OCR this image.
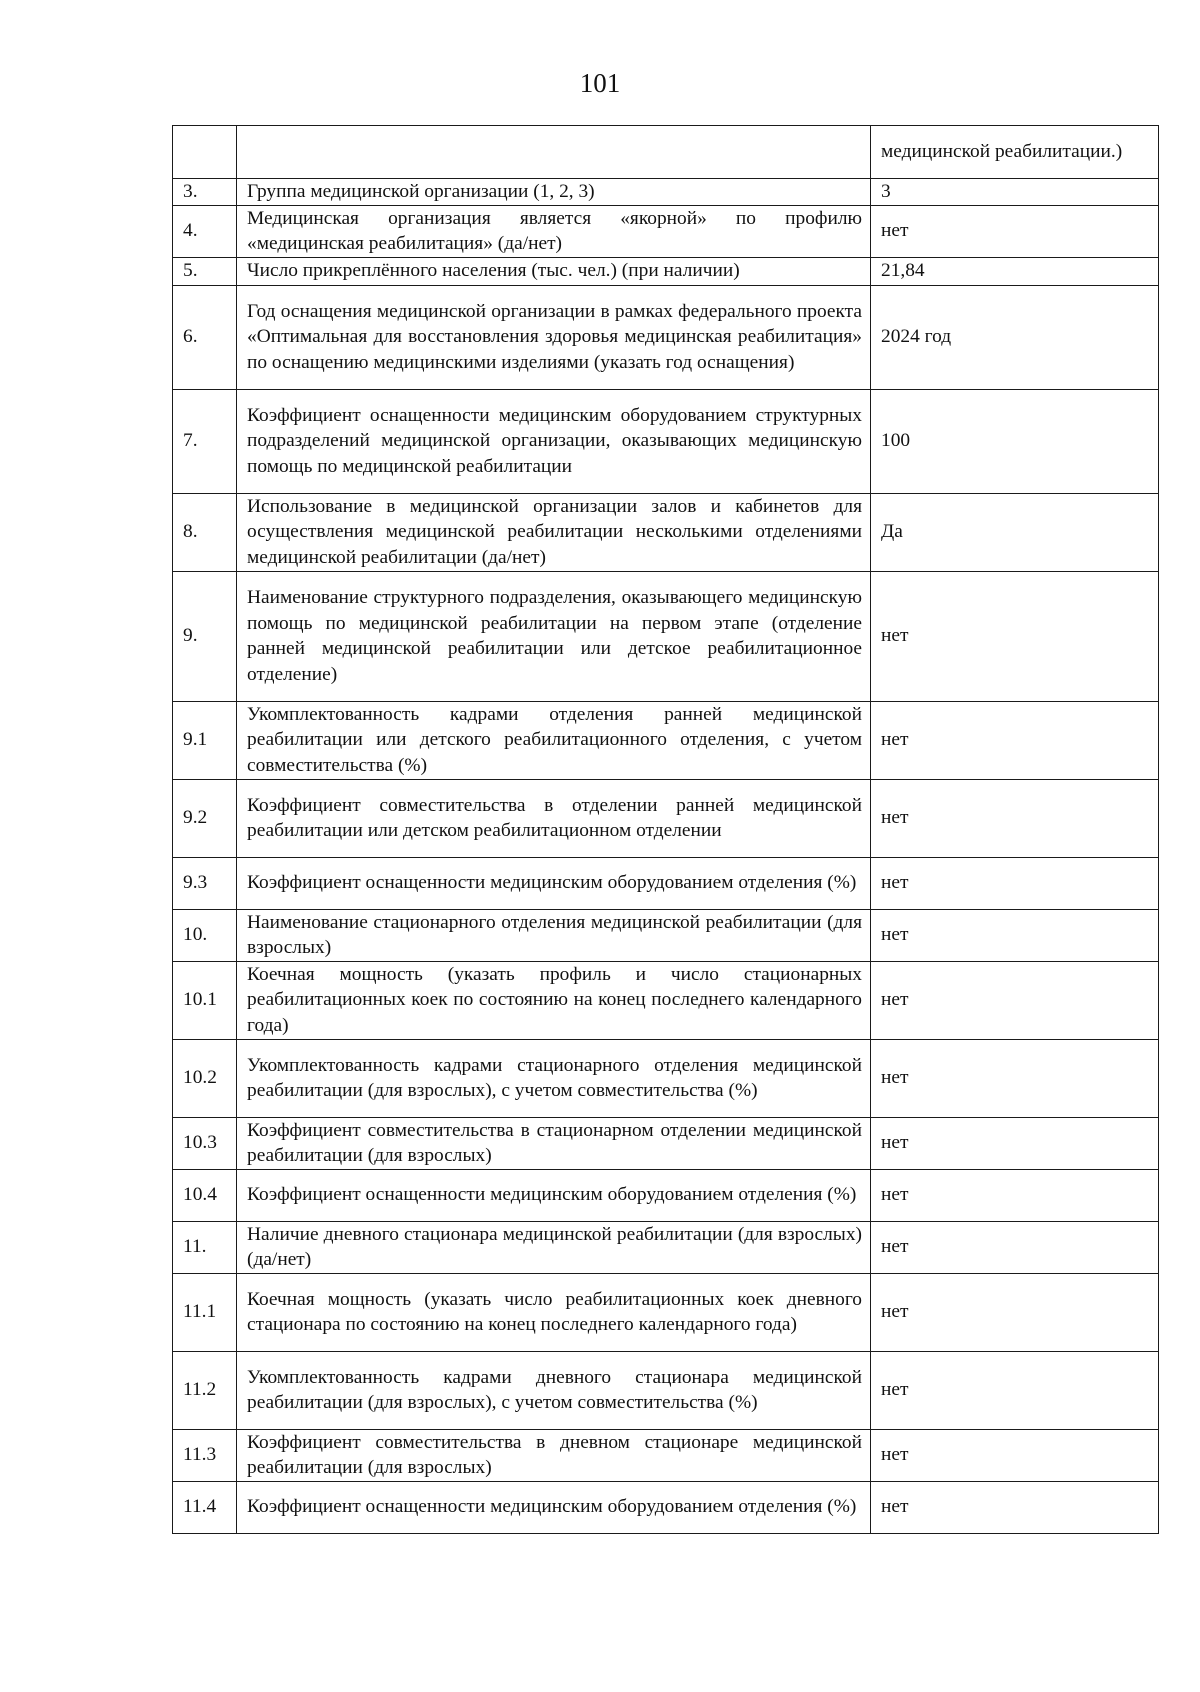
101
		медицинской реабилитации.)
3.	Группа медицинской организации (1, 2, 3)	3
4.	Медицинская организация является «якорной» по профилю «медицинская реабилитация» (да/нет)	нет
5.	Число прикреплённого населения (тыс. чел.) (при наличии)	21,84
6.	Год оснащения медицинской организации в рамках федерального проекта «Оптимальная для восстановления здоровья медицинская реабилитация» по оснащению медицинскими изделиями (указать год оснащения)	2024 год
7.	Коэффициент оснащенности медицинским оборудованием структурных подразделений медицинской организации, оказывающих медицинскую помощь по медицинской реабилитации	100
8.	Использование в медицинской организации залов и кабинетов для осуществления медицинской реабилитации несколькими отделениями медицинской реабилитации (да/нет)	Да
9.	Наименование структурного подразделения, оказывающего медицинскую помощь по медицинской реабилитации на первом этапе (отделение ранней медицинской реабилитации или детское реабилитационное отделение)	нет
9.1	Укомплектованность кадрами отделения ранней медицинской реабилитации или детского реабилитационного отделения, с учетом совместительства (%)	нет
9.2	Коэффициент совместительства в отделении ранней медицинской реабилитации или детском реабилитационном отделении	нет
9.3	Коэффициент оснащенности медицинским оборудованием отделения (%)	нет
10.	Наименование стационарного отделения медицинской реабилитации (для взрослых)	нет
10.1	Коечная мощность (указать профиль и число стационарных реабилитационных коек по состоянию на конец последнего календарного года)	нет
10.2	Укомплектованность кадрами стационарного отделения медицинской реабилитации (для взрослых), с учетом совместительства (%)	нет
10.3	Коэффициент совместительства в стационарном отделении медицинской реабилитации (для взрослых)	нет
10.4	Коэффициент оснащенности медицинским оборудованием отделения (%)	нет
11.	Наличие дневного стационара медицинской реабилитации (для взрослых) (да/нет)	нет
11.1	Коечная мощность (указать число реабилитационных коек дневного стационара по состоянию на конец последнего календарного года)	нет
11.2	Укомплектованность кадрами дневного стационара медицинской реабилитации (для взрослых), с учетом совместительства (%)	нет
11.3	Коэффициент совместительства в дневном стационаре медицинской реабилитации (для взрослых)	нет
11.4	Коэффициент оснащенности медицинским оборудованием отделения (%)	нет
